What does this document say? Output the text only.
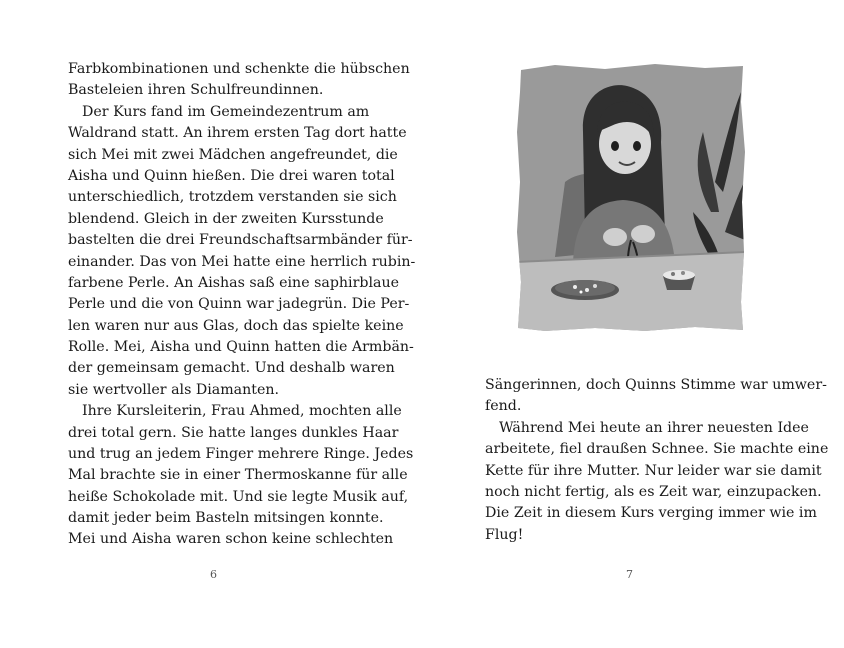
Farbkombinationen und schenkte die hübschen
Basteleien ihren Schulfreundinnen.
Der Kurs fand im Gemeindezentrum am
Waldrand statt. An ihrem ersten Tag dort hatte
sich Mei mit zwei Mädchen angefreundet, die
Aisha und Quinn hießen. Die drei waren total
unterschiedlich, trotzdem verstanden sie sich
blendend. Gleich in der zweiten Kursstunde
bastelten die drei Freundschaftsarmbänder für-
einander. Das von Mei hatte eine herrlich rubin-
farbene Perle. An Aishas saß eine saphirblaue
Perle und die von Quinn war jadegrün. Die Per-
len waren nur aus Glas, doch das spielte keine
Rolle. Mei, Aisha und Quinn hatten die Armbän-
der gemeinsam gemacht. Und deshalb waren
sie wertvoller als Diamanten.
Ihre Kursleiterin, Frau Ahmed, mochten alle
drei total gern. Sie hatte langes dunkles Haar
und trug an jedem Finger mehrere Ringe. Jedes
Mal brachte sie in einer Thermoskanne für alle
heiße Schokolade mit. Und sie legte Musik auf,
damit jeder beim Basteln mitsingen konnte.
Mei und Aisha waren schon keine schlechten
6
Sängerinnen, doch Quinns Stimme war umwer-
fend.
Während Mei heute an ihrer neuesten Idee
arbeitete, fiel draußen Schnee. Sie machte eine
Kette für ihre Mutter. Nur leider war sie damit
noch nicht fertig, als es Zeit war, einzupacken.
Die Zeit in diesem Kurs verging immer wie im
Flug!
7
